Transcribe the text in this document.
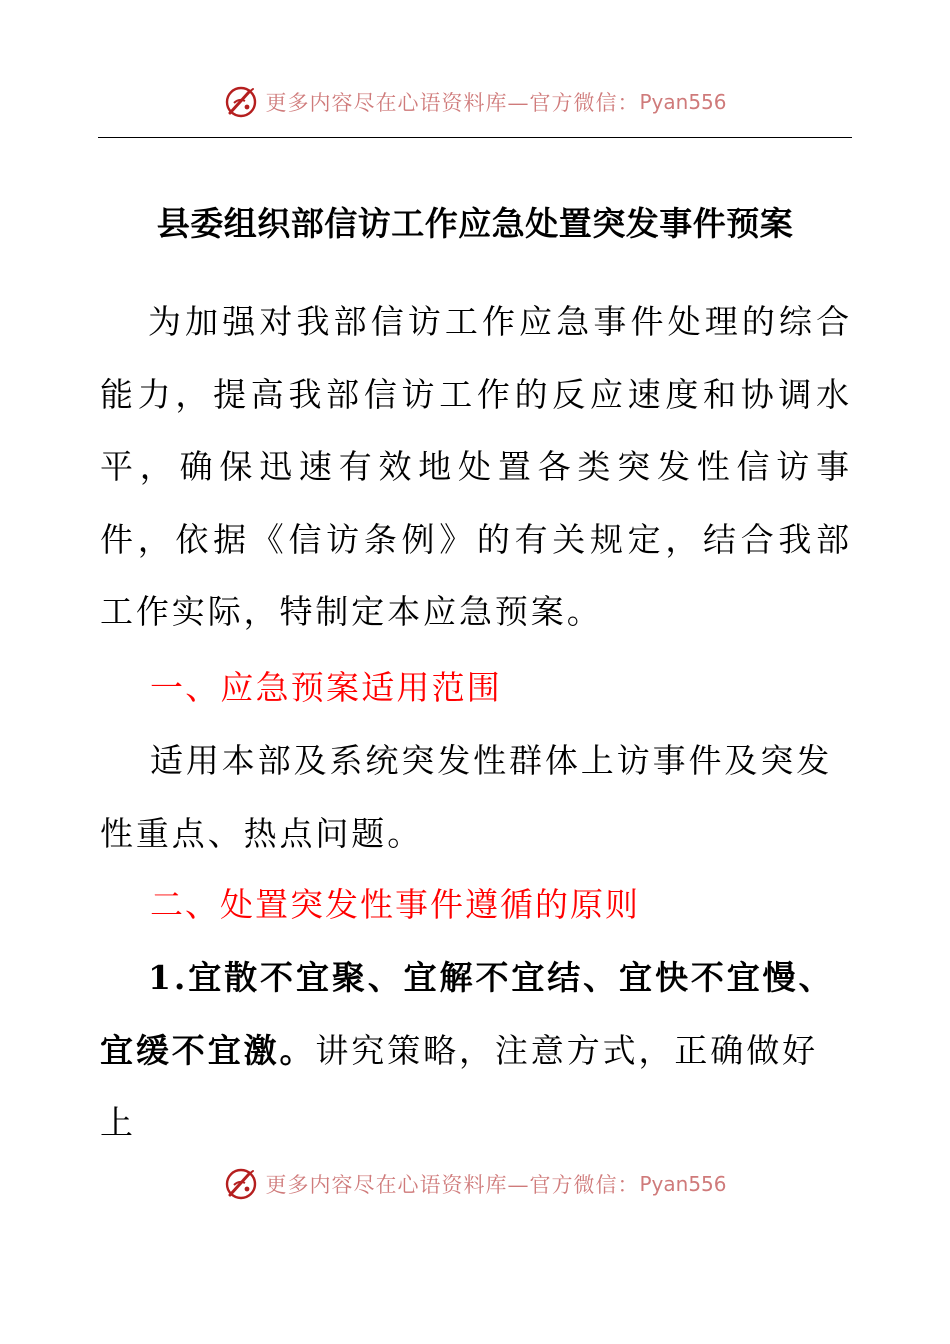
更多内容尽在心语资料库—官方微信： Pyan556
县委组织部信访工作应急处置突发事件预案

为加强对我部信访工作应急事件处理的综合能力，提高我部信访工作的反应速度和协调水平，确保迅速有效地处置各类突发性信访事件，依据《信访条例》的有关规定，结合我部工作实际，特制定本应急预案。

一、应急预案适用范围

适用本部及系统突发性群体上访事件及突发性重点、热点问题。

二、处置突发性事件遵循的原则

1.宜散不宜聚、宜解不宜结、宜快不宜慢、宜缓不宜激。讲究策略，注意方式，正确做好上

更多内容尽在心语资料库—官方微信： Pyan556
